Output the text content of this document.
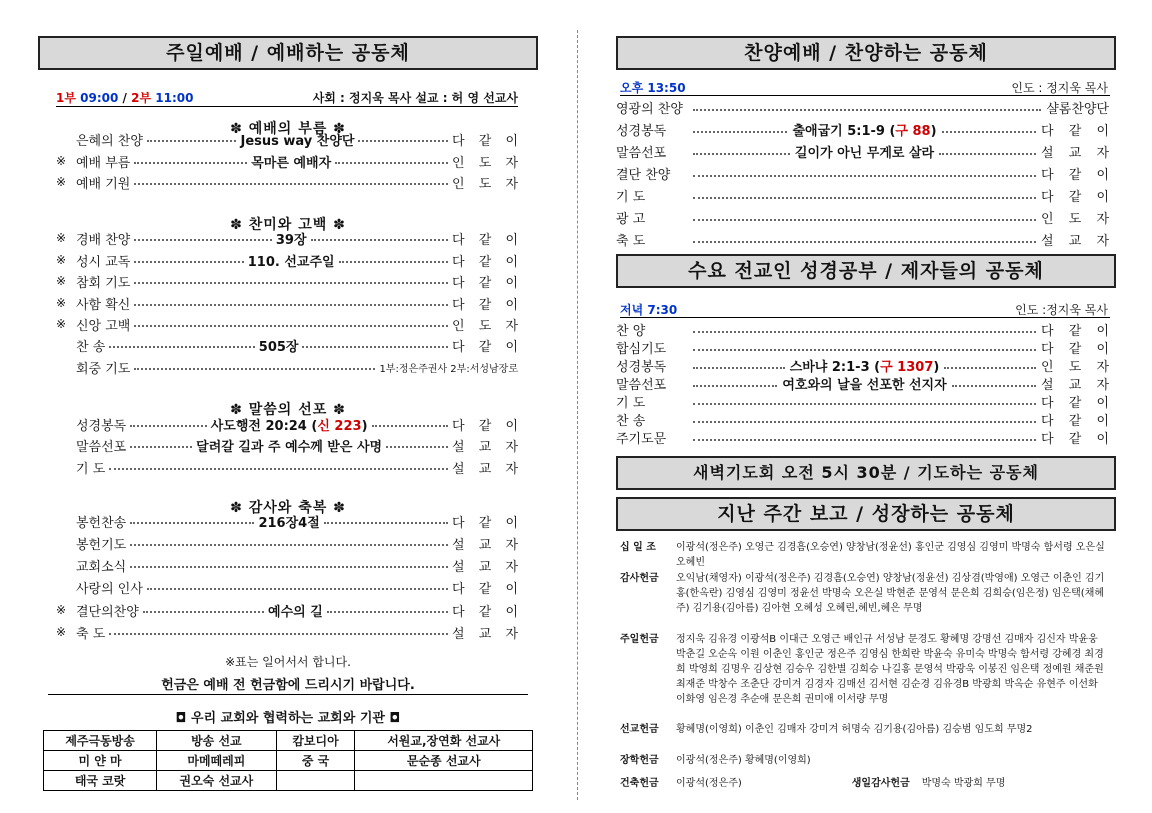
주일예배 / 예배하는 공동체
1부 09:00 / 2부 11:00	사회 : 정지욱 목사 설교 : 허 영 선교사
✽ 예배의 부름 ✽
✽ 찬미와 고백 ✽
✽ 말씀의 선포 ✽
✽ 감사와 축복 ✽
은혜의 찬양	Jesus way 찬양단	다 같 이
※ 예배 부름	목마른 예배자	인 도 자
※ 예배 기원	인 도 자
※ 경배 찬양	39장	다 같 이
※ 성시 교독	110. 선교주일	다 같 이
※ 참회 기도	다 같 이
※ 사함 확신	다 같 이
※ 신앙 고백	인 도 자
찬 송	505장	다 같 이
회중 기도	1부:정은주권사 2부:서성남장로
성경봉독	사도행전 20:24 (신 223)	다 같 이
말씀선포	달려갈 길과 주 예수께 받은 사명	설 교 자
기 도	설 교 자
봉헌찬송	216장4절	다 같 이
봉헌기도	설 교 자
교회소식	설 교 자
사랑의 인사	다 같 이
※ 결단의찬양	예수의 길	다 같 이
※ 축 도	설 교 자
※표는 일어서서 합니다.
헌금은 예배 전 헌금함에 드리시기 바랍니다.
◘ 우리 교회와 협력하는 교회와 기관 ◘
제주극동방송	방송 선교	캄보디아	서원교,장연화 선교사
미 얀 마	마메떼레피	중 국	문순종 선교사
태국 코랏	권오숙 선교사		
찬양예배 / 찬양하는 공동체
오후 13:50	인도 : 정지욱 목사
영광의 찬양	샬롬찬양단
성경봉독	출애굽기 5:1-9 (구 88)	다 같 이
말씀선포	길이가 아닌 무게로 살라	설 교 자
결단 찬양	다 같 이
기 도	다 같 이
광 고	인 도 자
축 도	설 교 자
수요 전교인 성경공부 / 제자들의 공동체
저녁 7:30	인도 :정지욱 목사
찬 양	다 같 이
합심기도	다 같 이
성경봉독	스바냐 2:1-3 (구 1307)	인 도 자
말씀선포	여호와의 날을 선포한 선지자	설 교 자
기 도	다 같 이
찬 송	다 같 이
주기도문	다 같 이
새벽기도회 오전 5시 30분 / 기도하는 공동체
지난 주간 보고 / 성장하는 공동체
십 일 조	이광석(정은주) 오영근 김경흠(오승연) 양창남(정윤선) 홍인군 김영심 김영미 박명숙 함서령 오은실 오혜빈
감사헌금	오익남(채영자) 이광석(정은주) 김경흠(오승연) 양창남(정윤선) 김상겸(박영애) 오영근 이춘인 김기홍(한옥란) 김영심 김영미 정윤선 박명숙 오은실 박현준 문영석 문은희 김희승(임은정) 임은택(채혜주) 김기용(김아름) 김아현 오혜성 오혜린,혜빈,혜은 무명
주일헌금	정지욱 김유경 이광석B 이대근 오영근 배인규 서성남 문경도 황혜명 강명선 김매자 김신자 박윤웅 박춘길 오순옥 이원 이춘인 홍인군 정은주 김영심 한희란 박윤숙 유미숙 박명숙 함서령 강혜경 최경희 박영희 김명우 김상현 김승우 김한별 김희승 나길홍 문영석 박광욱 이봉진 임은택 정예원 채준원 최재준 박창수 조춘단 강미겨 김경자 김매선 김서현 김순경 김유경B 박광희 박옥순 유현주 이선화 이화영 임은경 추순애 문은희 권미애 이서량 무명
선교헌금	황혜명(이영희) 이춘인 김매자 강미겨 허명숙 김기용(김아름) 김승범 임도희 무명2
장학헌금	이광석(정은주) 황혜명(이영희)
건축헌금	이광석(정은주)	생일감사헌금 박명숙 박광희 무명
